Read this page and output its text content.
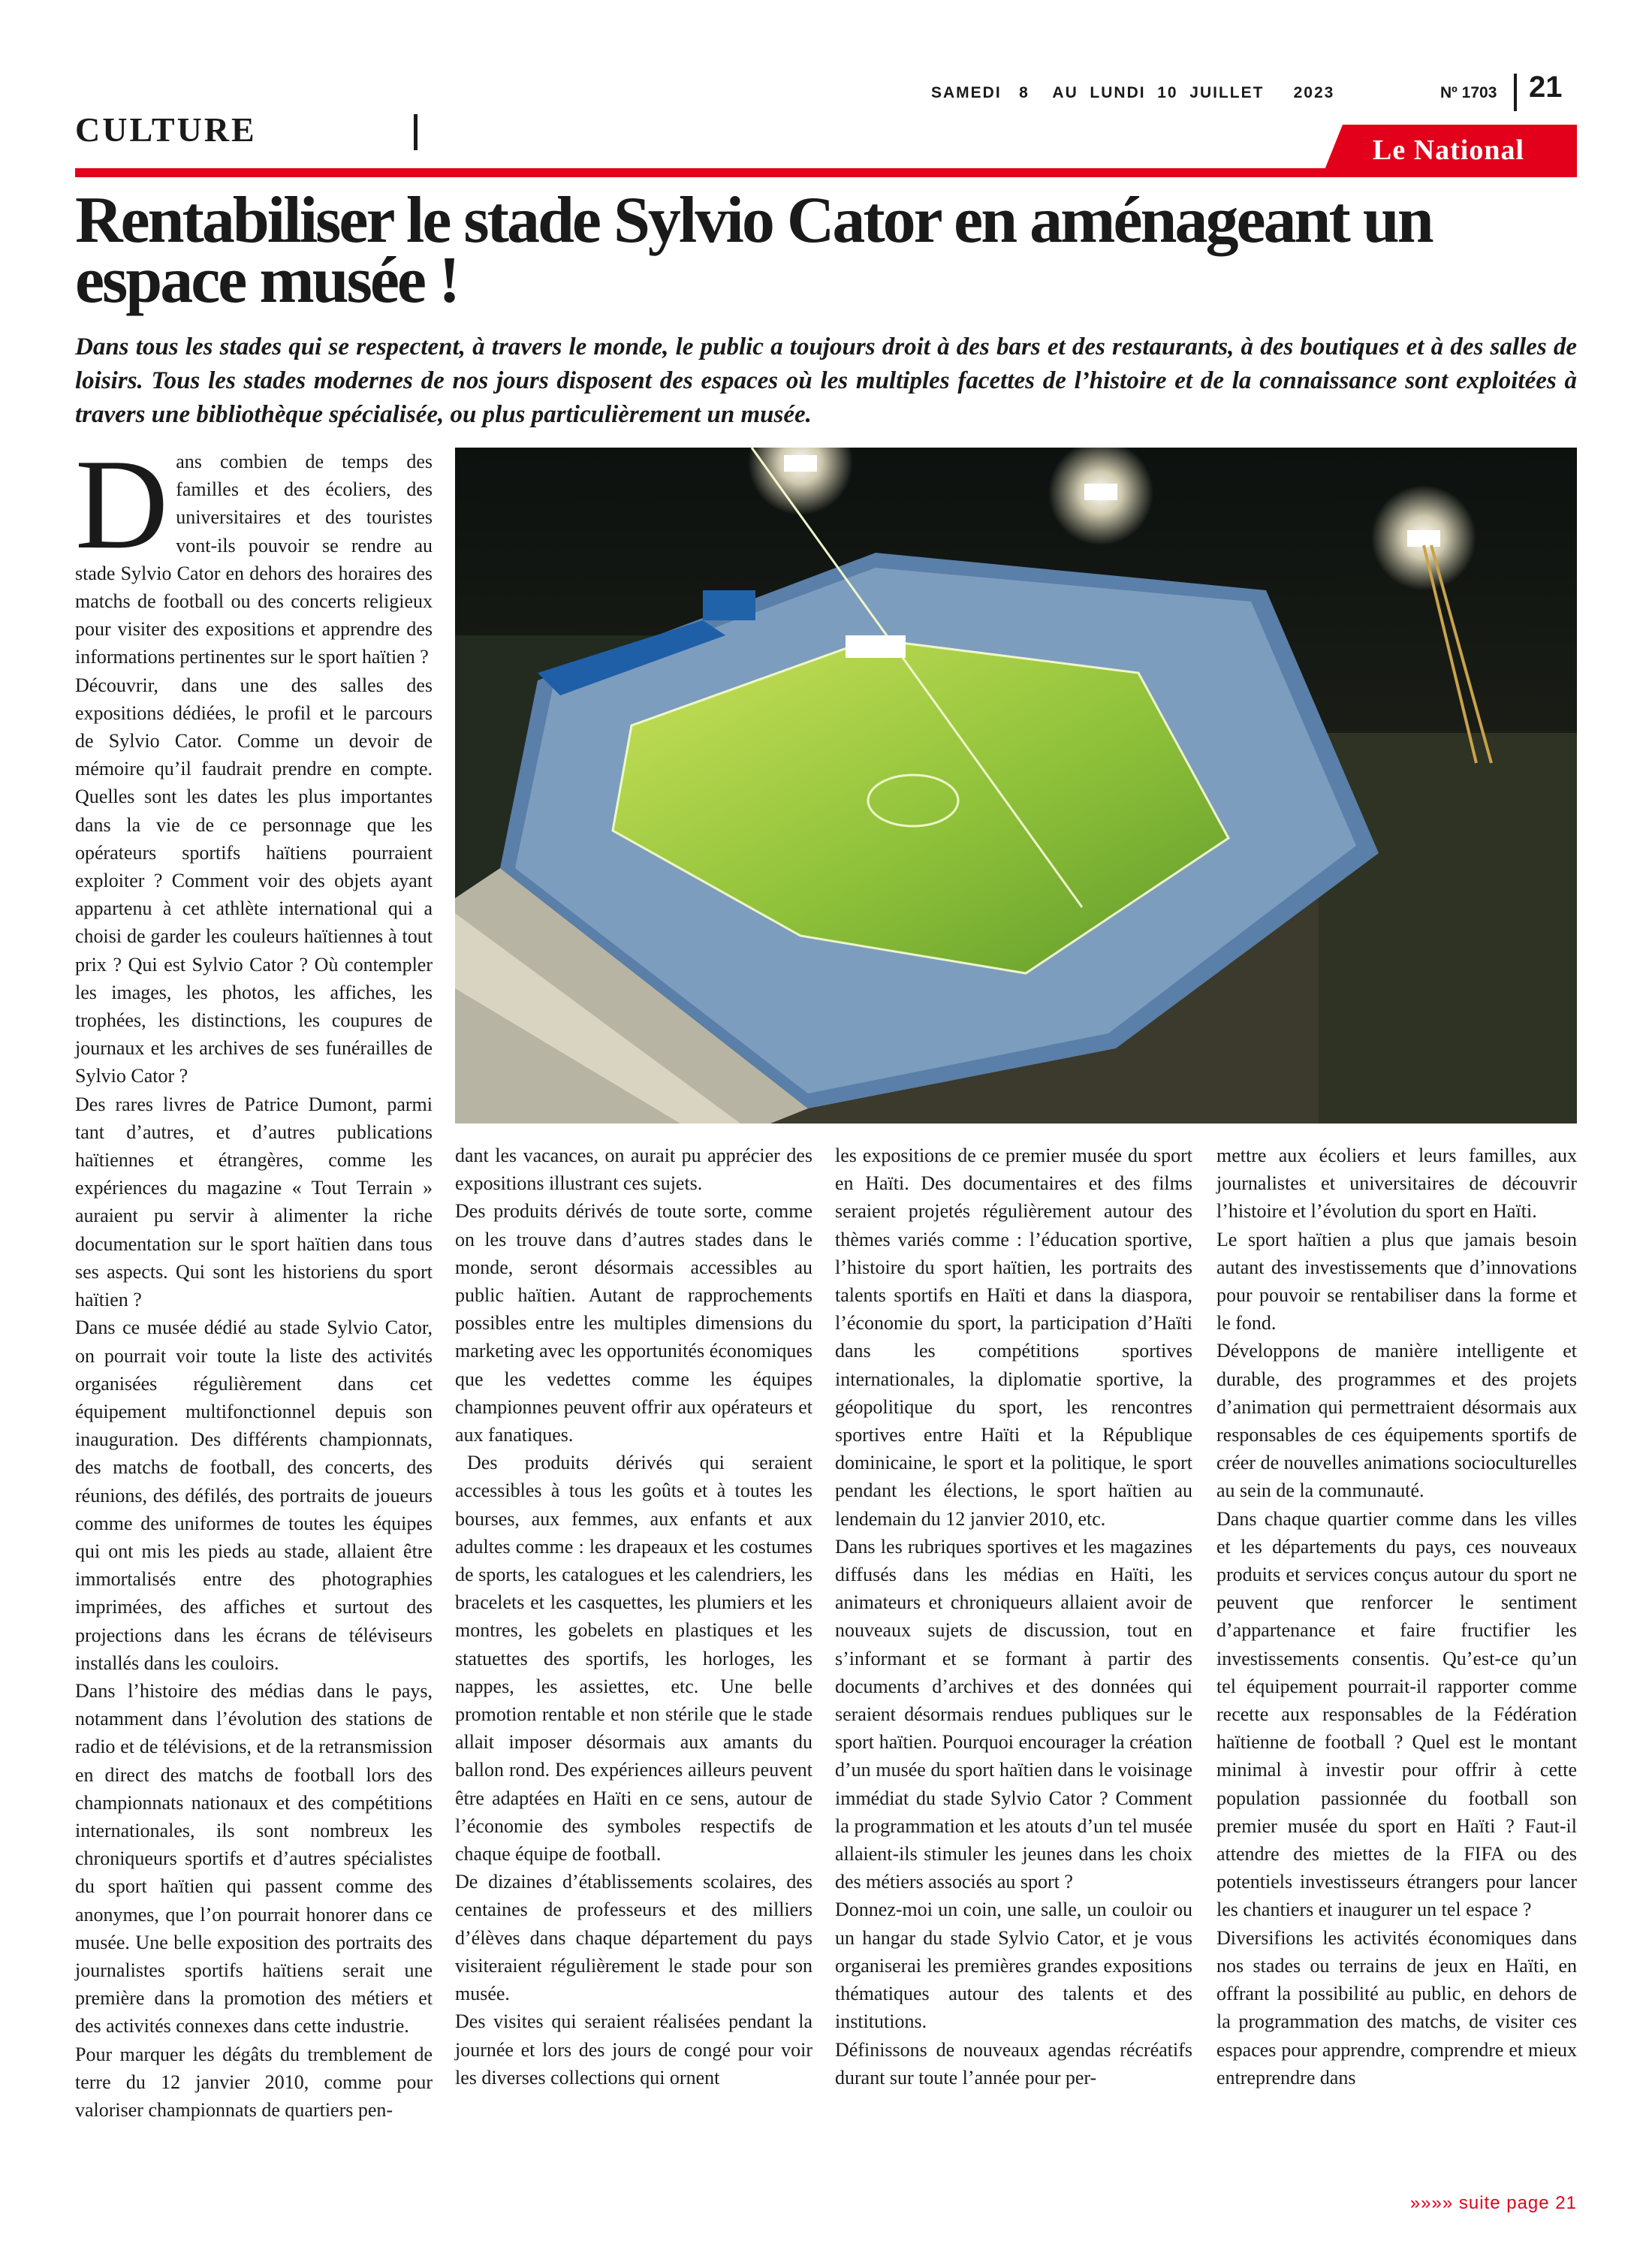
SAMEDI   8    AU  LUNDI  10  JUILLET     2023	Nº 1703 21
CULTURE
Le National
Rentabiliser le stade Sylvio Cator en aménageant un espace musée !

Dans tous les stades qui se respectent, à travers le monde, le public a toujours droit à des bars et des restaurants, à des boutiques et à des salles de loisirs. Tous les stades modernes de nos jours disposent des espaces où les multiples facettes de l’histoire et de la connaissance sont exploitées à travers une bibliothèque spécialisée, ou plus particulièrement un musée.

D ans combien de temps des familles et des écoliers, des universitaires et des touristes vont-ils pouvoir se rendre au stade Sylvio Cator en dehors des horaires des matchs de football ou des concerts religieux pour visiter des expositions et apprendre des informations pertinentes sur le sport haïtien ?

Découvrir, dans une des salles des expositions dédiées, le profil et le parcours de Sylvio Cator. Comme un devoir de mémoire qu’il faudrait prendre en compte. Quelles sont les dates les plus importantes dans la vie de ce personnage que les opérateurs sportifs haïtiens pourraient exploiter ? Comment voir des objets ayant appartenu à cet athlète international qui a choisi de garder les couleurs haïtiennes à tout prix ? Qui est Sylvio Cator ? Où contempler les images, les photos, les affiches, les trophées, les distinctions, les coupures de journaux et les archives de ses funérailles de Sylvio Cator ?

Des rares livres de Patrice Dumont, parmi tant d’autres, et d’autres publications haïtiennes et étrangères, comme les expériences du magazine « Tout Terrain » auraient pu servir à alimenter la riche documentation sur le sport haïtien dans tous ses aspects. Qui sont les historiens du sport haïtien ?

Dans ce musée dédié au stade Sylvio Cator, on pourrait voir toute la liste des activités organisées régulièrement dans cet équipement multifonctionnel depuis son inauguration. Des différents championnats, des matchs de football, des concerts, des réunions, des défilés, des portraits de joueurs comme des uniformes de toutes les équipes qui ont mis les pieds au stade, allaient être immortalisés entre des photographies imprimées, des affiches et surtout des projections dans les écrans de téléviseurs installés dans les couloirs.

Dans l’histoire des médias dans le pays, notamment dans l’évolution des stations de radio et de télévisions, et de la retransmission en direct des matchs de football lors des championnats nationaux et des compétitions internationales, ils sont nombreux les chroniqueurs sportifs et d’autres spécialistes du sport haïtien qui passent comme des anonymes, que l’on pourrait honorer dans ce musée. Une belle exposition des portraits des journalistes sportifs haïtiens serait une première dans la promotion des métiers et des activités connexes dans cette industrie.

Pour marquer les dégâts du tremblement de terre du 12 janvier 2010, comme pour valoriser championnats de quartiers pen-

dant les vacances, on aurait pu apprécier des expositions illustrant ces sujets.

Des produits dérivés de toute sorte, comme on les trouve dans d’autres stades dans le monde, seront désormais accessibles au public haïtien. Autant de rapprochements possibles entre les multiples dimensions du marketing avec les opportunités économiques que les vedettes comme les équipes championnes peuvent offrir aux opérateurs et aux fanatiques.

Des produits dérivés qui seraient accessibles à tous les goûts et à toutes les bourses, aux femmes, aux enfants et aux adultes comme : les drapeaux et les costumes de sports, les catalogues et les calendriers, les bracelets et les casquettes, les plumiers et les montres, les gobelets en plastiques et les statuettes des sportifs, les horloges, les nappes, les assiettes, etc. Une belle promotion rentable et non stérile que le stade allait imposer désormais aux amants du ballon rond. Des expériences ailleurs peuvent être adaptées en Haïti en ce sens, autour de l’économie des symboles respectifs de chaque équipe de football.

De dizaines d’établissements scolaires, des centaines de professeurs et des milliers d’élèves dans chaque département du pays visiteraient régulièrement le stade pour son musée.

Des visites qui seraient réalisées pendant la journée et lors des jours de congé pour voir les diverses collections qui ornent

les expositions de ce premier musée du sport en Haïti. Des documentaires et des films seraient projetés régulièrement autour des thèmes variés comme : l’éducation sportive, l’histoire du sport haïtien, les portraits des talents sportifs en Haïti et dans la diaspora, l’économie du sport, la participation d’Haïti dans les compétitions sportives internationales, la diplomatie sportive, la géopolitique du sport, les rencontres sportives entre Haïti et la République dominicaine, le sport et la politique, le sport pendant les élections, le sport haïtien au lendemain du 12 janvier 2010, etc.

Dans les rubriques sportives et les magazines diffusés dans les médias en Haïti, les animateurs et chroniqueurs allaient avoir de nouveaux sujets de discussion, tout en s’informant et se formant à partir des documents d’archives et des données qui seraient désormais rendues publiques sur le sport haïtien. Pourquoi encourager la création d’un musée du sport haïtien dans le voisinage immédiat du stade Sylvio Cator ? Comment la programmation et les atouts d’un tel musée allaient-ils stimuler les jeunes dans les choix des métiers associés au sport ?

Donnez-moi un coin, une salle, un couloir ou un hangar du stade Sylvio Cator, et je vous organiserai les premières grandes expositions thématiques autour des talents et des institutions.

Définissons de nouveaux agendas récréatifs durant sur toute l’année pour per-

mettre aux écoliers et leurs familles, aux journalistes et universitaires de découvrir l’histoire et l’évolution du sport en Haïti.

Le sport haïtien a plus que jamais besoin autant des investissements que d’innovations pour pouvoir se rentabiliser dans la forme et le fond.

Développons de manière intelligente et durable, des programmes et des projets d’animation qui permettraient désormais aux responsables de ces équipements sportifs de créer de nouvelles animations socioculturelles au sein de la communauté.

Dans chaque quartier comme dans les villes et les départements du pays, ces nouveaux produits et services conçus autour du sport ne peuvent que renforcer le sentiment d’appartenance et faire fructifier les investissements consentis. Qu’est-ce qu’un tel équipement pourrait-il rapporter comme recette aux responsables de la Fédération haïtienne de football ? Quel est le montant minimal à investir pour offrir à cette population passionnée du football son premier musée du sport en Haïti ? Faut-il attendre des miettes de la FIFA ou des potentiels investisseurs étrangers pour lancer les chantiers et inaugurer un tel espace ?

Diversifions les activités économiques dans nos stades ou terrains de jeux en Haïti, en offrant la possibilité au public, en dehors de la programmation des matchs, de visiter ces espaces pour apprendre, comprendre et mieux entreprendre dans

»»»» suite page 21
